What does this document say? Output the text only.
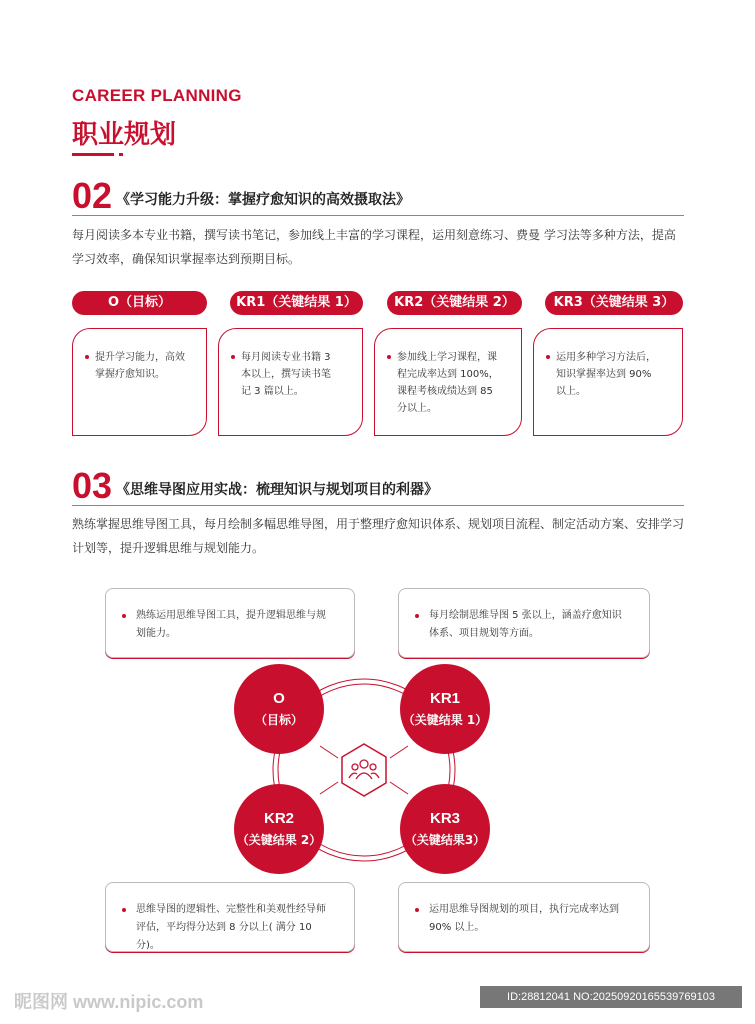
CAREER PLANNING
职业规划
02 《学习能力升级：掌握疗愈知识的高效摄取法》
每月阅读多本专业书籍，撰写读书笔记，参加线上丰富的学习课程，运用刻意练习、费曼 学习法等多种方法，提高学习效率，确保知识掌握率达到预期目标。
O（目标）	KR1（关键结果 1）	KR2（关键结果 2）	KR3（关键结果 3）
提升学习能力，高效
掌握疗愈知识。
每月阅读专业书籍 3
本以上，撰写读书笔
记 3 篇以上。
参加线上学习课程，课
程完成率达到 100%，
课程考核成绩达到 85
分以上。
运用多种学习方法后，
知识掌握率达到 90%
以上。
03 《思维导图应用实战：梳理知识与规划项目的利器》
熟练掌握思维导图工具，每月绘制多幅思维导图，用于整理疗愈知识体系、规划项目流程、制定活动方案、安排学习计划等，提升逻辑思维与规划能力。
熟练运用思维导图工具，提升逻辑思维与规
划能力。
每月绘制思维导图 5 张以上，涵盖疗愈知识
体系、项目规划等方面。
思维导图的逻辑性、完整性和美观性经导师
评估，平均得分达到 8 分以上( 满分 10 分)。
运用思维导图规划的项目，执行完成率达到
90% 以上。
O
（目标）
KR1
（关键结果 1）
KR2
（关键结果 2）
KR3
（关键结果3）
昵图网 www.nipic.com	ID:28812041 NO:20250920165539769103
